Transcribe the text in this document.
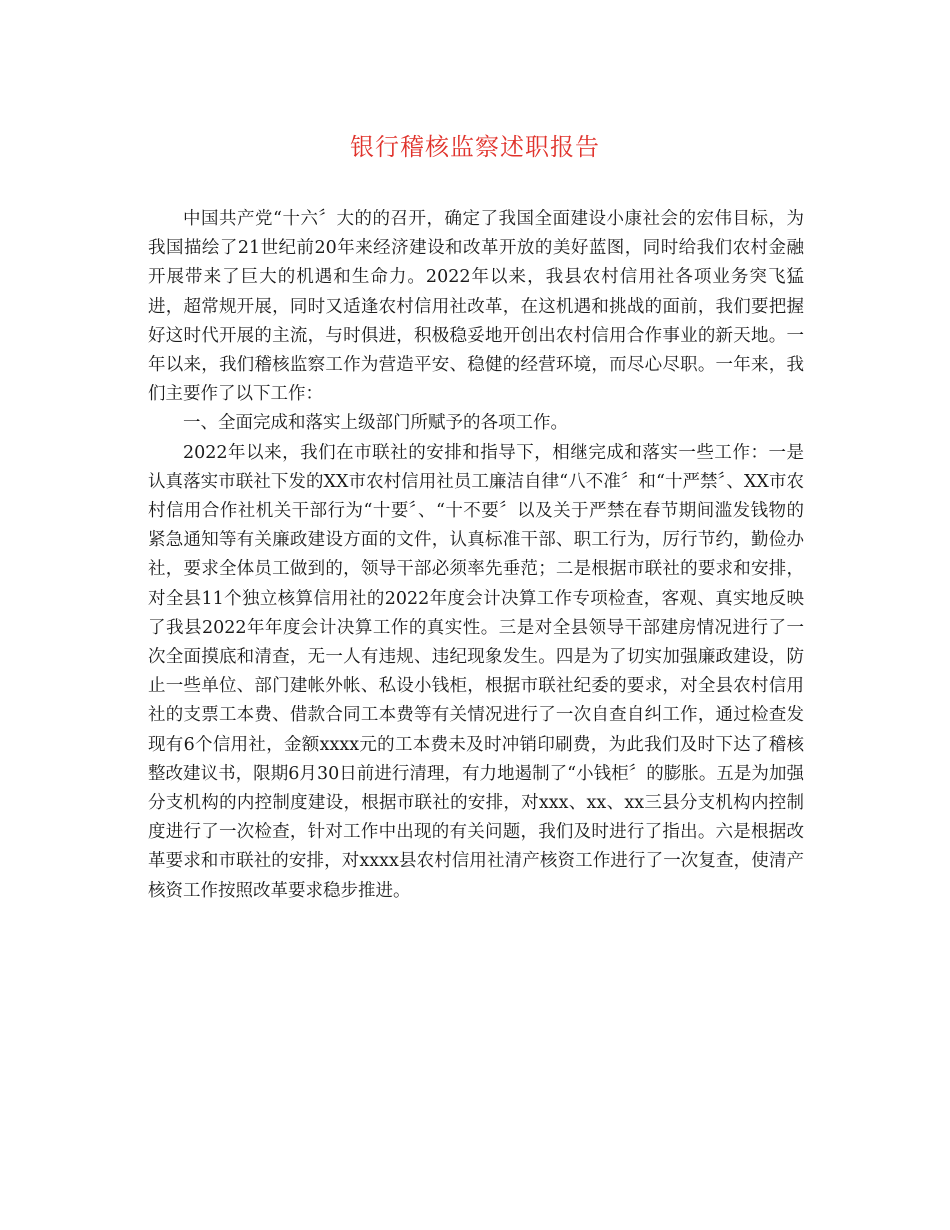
银行稽核监察述职报告

中国共产党“十六〞大的的召开，确定了我国全面建设小康社会的宏伟目标，为我国描绘了21世纪前20年来经济建设和改革开放的美好蓝图，同时给我们农村金融开展带来了巨大的机遇和生命力。2022年以来，我县农村信用社各项业务突飞猛进，超常规开展，同时又适逢农村信用社改革，在这机遇和挑战的面前，我们要把握好这时代开展的主流，与时俱进，积极稳妥地开创出农村信用合作事业的新天地。一年以来，我们稽核监察工作为营造平安、稳健的经营环境，而尽心尽职。一年来，我们主要作了以下工作：

一、全面完成和落实上级部门所赋予的各项工作。

2022年以来，我们在市联社的安排和指导下，相继完成和落实一些工作：一是认真落实市联社下发的XX市农村信用社员工廉洁自律“八不准〞和“十严禁〞、XX市农村信用合作社机关干部行为“十要〞、“十不要〞以及关于严禁在春节期间滥发钱物的紧急通知等有关廉政建设方面的文件，认真标准干部、职工行为，厉行节约，勤俭办社，要求全体员工做到的，领导干部必须率先垂范；二是根据市联社的要求和安排，对全县11个独立核算信用社的2022年度会计决算工作专项检查，客观、真实地反映了我县2022年年度会计决算工作的真实性。三是对全县领导干部建房情况进行了一次全面摸底和清查，无一人有违规、违纪现象发生。四是为了切实加强廉政建设，防止一些单位、部门建帐外帐、私设小钱柜，根据市联社纪委的要求，对全县农村信用社的支票工本费、借款合同工本费等有关情况进行了一次自查自纠工作，通过检查发现有6个信用社，金额xxxx元的工本费未及时冲销印刷费，为此我们及时下达了稽核整改建议书，限期6月30日前进行清理，有力地遏制了“小钱柜〞的膨胀。五是为加强分支机构的内控制度建设，根据市联社的安排，对xxx、xx、xx三县分支机构内控制度进行了一次检查，针对工作中出现的有关问题，我们及时进行了指出。六是根据改革要求和市联社的安排，对xxxx县农村信用社清产核资工作进行了一次复查，使清产核资工作按照改革要求稳步推进。
